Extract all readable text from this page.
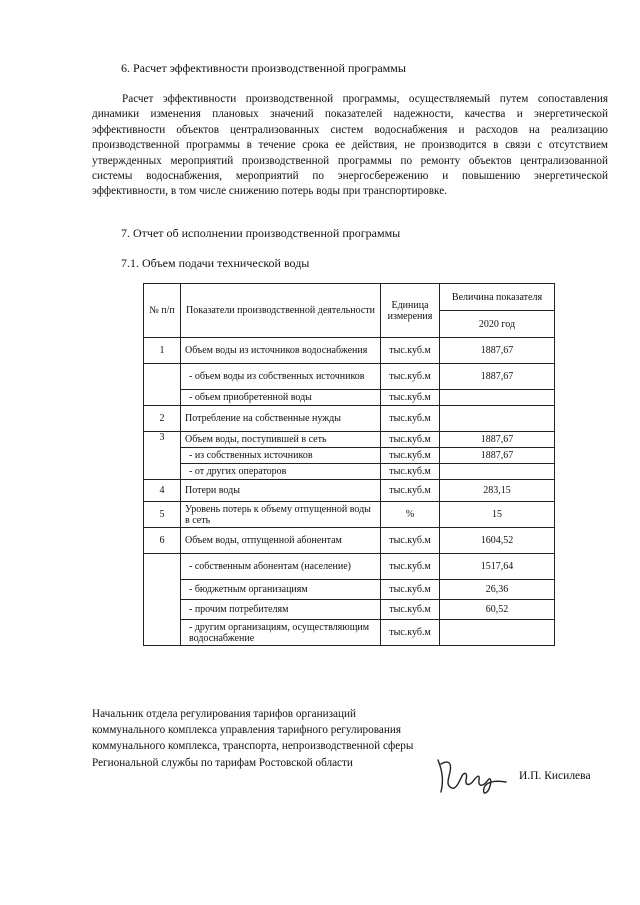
6. Расчет эффективности производственной программы
Расчет эффективности производственной программы, осуществляемый путем сопоставления динамики изменения плановых значений показателей надежности, качества и энергетической эффективности объектов централизованных систем водоснабжения и расходов на реализацию производственной программы в течение срока ее действия, не производится в связи с отсутствием утвержденных мероприятий производственной программы по ремонту объектов централизованной системы водоснабжения, мероприятий по энергосбережению и повышению энергетической эффективности, в том числе снижению потерь воды при транспортировке.
7. Отчет об исполнении производственной программы
7.1. Объем подачи технической воды
№ п/п	Показатели производственной деятельности	Единица измерения	Величина показателя
			2020 год
1	Объем воды из источников водоснабжения	тыс.куб.м	1887,67
	- объем воды из собственных источников	тыс.куб.м	1887,67
	- объем приобретенной воды	тыс.куб.м	
2	Потребление на собственные нужды	тыс.куб.м	
3	Объем воды, поступившей в сеть	тыс.куб.м	1887,67
	- из собственных источников	тыс.куб.м	1887,67
	- от других операторов	тыс.куб.м	
4	Потери воды	тыс.куб.м	283,15
5	Уровень потерь к объему отпущенной воды в сеть	%	15
6	Объем воды, отпущенной абонентам	тыс.куб.м	1604,52
	- собственным абонентам (население)	тыс.куб.м	1517,64
	- бюджетным организациям	тыс.куб.м	26,36
	- прочим потребителям	тыс.куб.м	60,52
	- другим организациям, осуществляющим водоснабжение	тыс.куб.м	
Начальник отдела регулирования тарифов организаций коммунального комплекса управления тарифного регулирования коммунального комплекса, транспорта, непроизводственной сферы Региональной службы по тарифам Ростовской области
И.П. Кисилева
